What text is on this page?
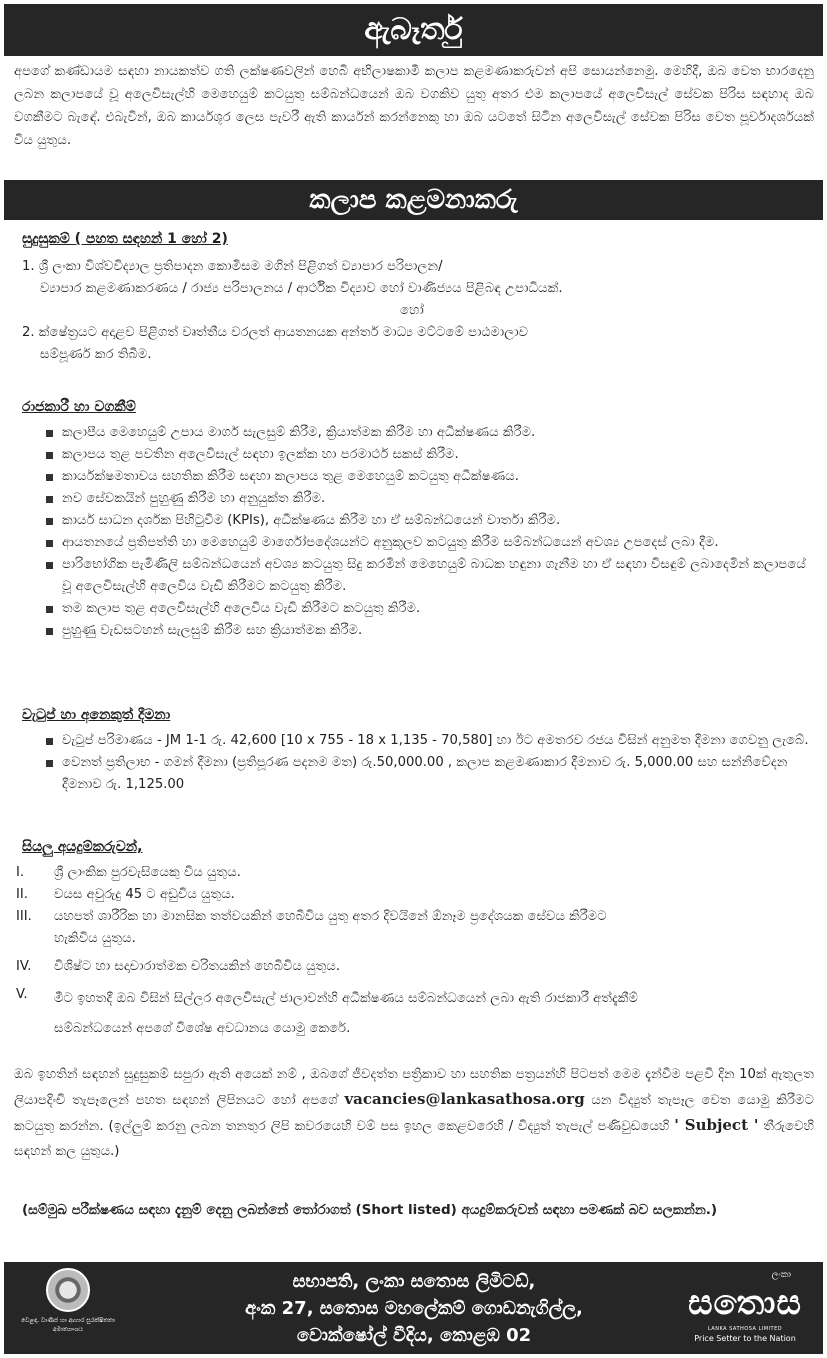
ඇබෑර්තු
අපගේ කණ්ඩායම සඳහා නායකත්ව ගති ලක්ෂණවලින් හෙබි අභිලාෂකාමී කලාප කළමණාකරුවන් අපි සොයන්නෙමු. මෙහිදී, ඔබ වෙත භාරදෙනු ලබන කලාපයේ වූ අලෙවිසැල්හි මෙහෙයුම් කටයුතු සම්බන්ධයෙන් ඔබ වගකිව යුතු අතර එම කලාපයේ අලෙවිසැල් සේවක පිරිස සඳහාද ඔබ වගකීමට බැඳේ. එබැවින්, ඔබ කාර්යශූර ලෙස පැවරී ඇති කාර්යන් කරන්නෙකු හා ඔබ යටතේ සිටින අලෙවිසැල් සේවක පිරිස වෙත පූර්වාදර්ශයක් විය යුතුය.
කලාප කළමනාකරු
සුදුසුකම් ( පහත සඳහන් 1 හෝ 2)
1. ශ්‍රී ලංකා විශ්වවිද්‍යාල ප්‍රතිපාදන කොමිසම මගින් පිළිගත් ව්‍යාපාර පරිපාලන/
ව්‍යාපාර කළමණාකරණය / රාජ්‍ය පරිපාලනය / ආර්ථික විද්‍යාව හෝ වාණිජ්‍යය පිළිබඳ උපාධියක්.
හෝ
2. ක්ෂේත්‍රයට අදාළව පිළිගත් වෘත්තීය වරලත් ආයතනයක අන්තර් මාධ්‍ය මට්ටමේ පාඨමාලාව
සම්පූර්ණ කර තිබීම.
රාජකාරී හා වගකීම්
කලාපීය මෙහෙයුම් උපාය මාර්ග සැලසුම් කිරීම, ක්‍රියාත්මක කිරීම හා අධීක්ෂණය කිරීම.
කලාපය තුළ පවතින අලෙවිසැල් සඳහා ඉලක්ක හා පරමාර්ථ සකස් කිරීම.
කාර්යක්ෂමතාවය සහතික කිරීම සඳහා කලාපය තුළ මෙහෙයුම් කටයුතු අධීක්ෂණය.
නව සේවකයින් පුහුණු කිරීම හා අනුයුක්ත කිරීම.
කාර්ය සාධන දර්ශක පිහිටුවීම (KPIs), අධීක්ෂණය කිරීම හා ඒ සම්බන්ධයෙන් වාර්තා කිරීම.
ආයතනයේ ප්‍රතිපත්ති හා මෙහෙයුම් මාර්ගෝපදේශයන්ට අනුකූලව කටයුතු කිරීම සම්බන්ධයෙන් අවශ්‍ය උපදෙස් ලබා දීම.
පාරිභෝගික පැමිණිලි සම්බන්ධයෙන් අවශ්‍ය කටයුතු සිදු කරමින් මෙහෙයුම් බාධක හඳුනා ගැනීම හා ඒ සඳහා විසඳුම් ලබාදෙමින් කලාපයේ වූ අලෙවිසැල්හි අලෙවිය වැඩි කිරීමට කටයුතු කිරීම.
තම කලාප තුළ අලෙවිසැල්හි අලෙවිය වැඩි කිරීමට කටයුතු කිරීම.
පුහුණු වැඩසටහන් සැලසුම් කිරීම සහ ක්‍රියාත්මක කිරීම.
වැටුප් හා අනෙකුත් දීමනා
වැටුප් පරිමාණය - JM 1-1 රු. 42,600 [10 x 755 - 18 x 1,135 - 70,580] හා ඊට අමතරව රජය විසින් අනුමත දීමනා ගෙවනු ලැබේ.
වෙනත් ප්‍රතිලාභ - ගමන් දීමනා (ප්‍රතිපූරණ පදනම මත) රු.50,000.00 , කලාප කළමණාකාර දීමනාව රු. 5,000.00 සහ සන්නිවේදන දීමනාව රු. 1,125.00
සියලු අයදුම්කරුවන්,
I.	ශ්‍රී ලාංකික පුරවැසියෙකු විය යුතුය.
II.	වයස අවුරුදු 45 ට අඩුවිය යුතුය.
III.	යහපත් ශාරීරික හා මානසික තත්වයකින් හෙබිවිය යුතු අතර දිවයිනේ ඕනෑම ප්‍රදේශයක සේවය කිරීමට හැකිවිය යුතුය.
IV. විශිෂ්ට හා සදාචාරාත්මක චරිතයකින් හෙබිවිය යුතුය.
V.	මීට ඉහතදී ඔබ විසින් සිල්ලර අලෙවිසැල් ජාලාවන්හි අධීක්ෂණය සම්බන්ධයෙන් ලබා ඇති රාජකාරී අත්දැකීම් සම්බන්ධයෙන් අපගේ විශේෂ අවධානය යොමු කෙරේ.
ඔබ ඉහතින් සඳහන් සුදුසුකම් සපුරා ඇති අයෙක් නම් , ඔබගේ ජීවදත්ත පත්‍රිකාව හා සහතික පත්‍රයන්හි පිටපත් මෙම දැන්වීම පළවී දින 10ක් ඇතුලත ලියාපදිංචි තැපෑලෙන් පහත සඳහන් ලිපිනයට හෝ අපගේ vacancies@lankasathosa.org යන විද්‍යුත් තැපෑල වෙත යොමු කිරීමට කටයුතු කරන්න. (ඉල්ලුම් කරනු ලබන තනතුර ලිපි කවරයෙහි වම් පස ඉහල කෙළවරෙහි / විද්‍යුත් තැපැල් පණිවුඩයෙහි ' Subject ' තීරුවෙහි සඳහන් කල යුතුය.)
(සම්මුඛ පරීක්ෂණය සඳහා දැනුම් දෙනු ලබන්නේ තෝරාගත් (Short listed) අයදුම්කරුවන් සඳහා පමණක් බව සලකන්න.)
වෙළඳ, වාණිජ හා ආහාර සුරක්ෂිතතා අමාත්‍යාංශය
සභාපති, ලංකා සතොස ලිමිටඩ්,
අංක 27, සතොස මහලේකම් ගොඩනැගිල්ල,
වොක්ෂෝල් වීදිය, කොළඹ 02
ලංකා
සතොස
LANKA SATHOSA LIMITED
Price Setter to the Nation
